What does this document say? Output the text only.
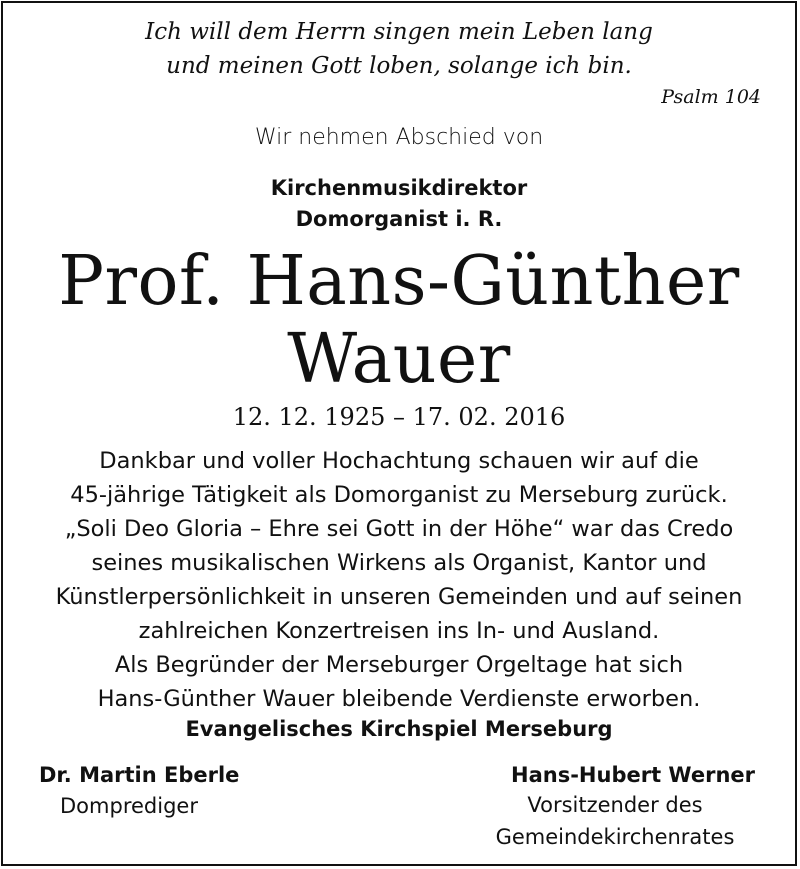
Ich will dem Herrn singen mein Leben lang
und meinen Gott loben, solange ich bin.
Psalm 104
Wir nehmen Abschied von
Kirchenmusikdirektor
Domorganist i. R.
Prof. Hans-Günther
Wauer
12. 12. 1925 – 17. 02. 2016
Dankbar und voller Hochachtung schauen wir auf die
45-jährige Tätigkeit als Domorganist zu Merseburg zurück.
„Soli Deo Gloria – Ehre sei Gott in der Höhe“ war das Credo
seines musikalischen Wirkens als Organist, Kantor und
Künstlerpersönlichkeit in unseren Gemeinden und auf seinen
zahlreichen Konzertreisen ins In- und Ausland.
Als Begründer der Merseburger Orgeltage hat sich
Hans-Günther Wauer bleibende Verdienste erworben.
Evangelisches Kirchspiel Merseburg
Dr. Martin Eberle
Domprediger
Hans-Hubert Werner
Vorsitzender des
Gemeindekirchenrates
